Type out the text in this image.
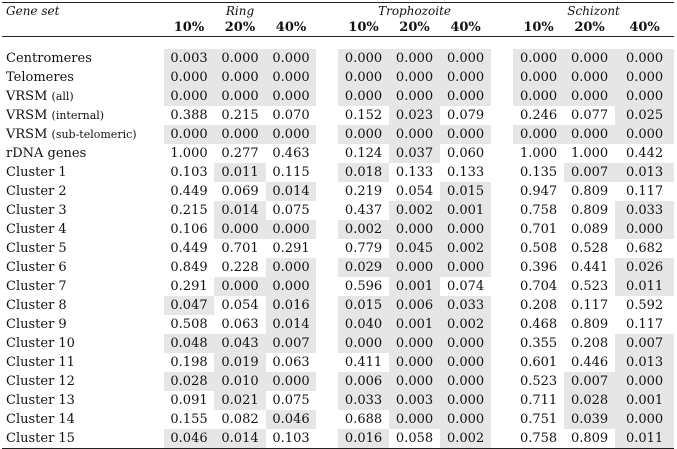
Gene set	Ring				Trophozoite				Schizont		
	10%	20%	40%		10%	20%	40%		10%	20%	40%

Centromeres	0.003	0.000	0.000		0.000	0.000	0.000		0.000	0.000	0.000
Telomeres	0.000	0.000	0.000		0.000	0.000	0.000		0.000	0.000	0.000
VRSM (all)	0.000	0.000	0.000		0.000	0.000	0.000		0.000	0.000	0.000
VRSM (internal)	0.388	0.215	0.070		0.152	0.023	0.079		0.246	0.077	0.025
VRSM (sub-telomeric)	0.000	0.000	0.000		0.000	0.000	0.000		0.000	0.000	0.000
rDNA genes	1.000	0.277	0.463		0.124	0.037	0.060		1.000	1.000	0.442
Cluster 1	0.103	0.011	0.115		0.018	0.133	0.133		0.135	0.007	0.013
Cluster 2	0.449	0.069	0.014		0.219	0.054	0.015		0.947	0.809	0.117
Cluster 3	0.215	0.014	0.075		0.437	0.002	0.001		0.758	0.809	0.033
Cluster 4	0.106	0.000	0.000		0.002	0.000	0.000		0.701	0.089	0.000
Cluster 5	0.449	0.701	0.291		0.779	0.045	0.002		0.508	0.528	0.682
Cluster 6	0.849	0.228	0.000		0.029	0.000	0.000		0.396	0.441	0.026
Cluster 7	0.291	0.000	0.000		0.596	0.001	0.074		0.704	0.523	0.011
Cluster 8	0.047	0.054	0.016		0.015	0.006	0.033		0.208	0.117	0.592
Cluster 9	0.508	0.063	0.014		0.040	0.001	0.002		0.468	0.809	0.117
Cluster 10	0.048	0.043	0.007		0.000	0.000	0.000		0.355	0.208	0.007
Cluster 11	0.198	0.019	0.063		0.411	0.000	0.000		0.601	0.446	0.013
Cluster 12	0.028	0.010	0.000		0.006	0.000	0.000		0.523	0.007	0.000
Cluster 13	0.091	0.021	0.075		0.033	0.003	0.000		0.711	0.028	0.001
Cluster 14	0.155	0.082	0.046		0.688	0.000	0.000		0.751	0.039	0.000
Cluster 15	0.046	0.014	0.103		0.016	0.058	0.002		0.758	0.809	0.011
